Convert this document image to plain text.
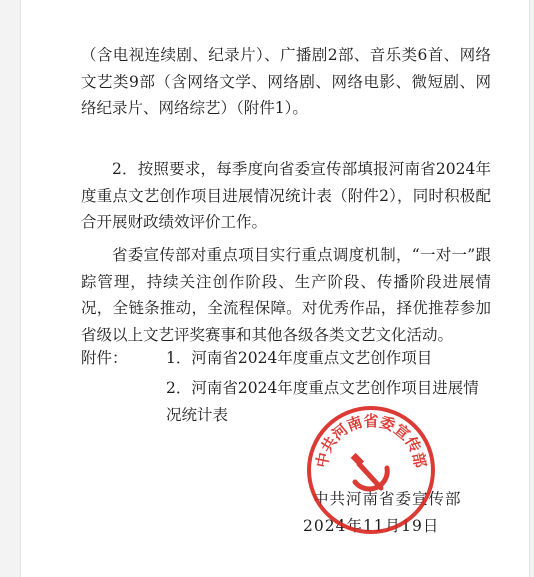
（含电视连续剧、纪录片）、广播剧2部、音乐类6首、网络文艺类9部（含网络文学、网络剧、网络电影、微短剧、网络纪录片、网络综艺）（附件1）。

2．按照要求，每季度向省委宣传部填报河南省2024年度重点文艺创作项目进展情况统计表（附件2），同时积极配合开展财政绩效评价工作。

省委宣传部对重点项目实行重点调度机制，“一对一”跟踪管理，持续关注创作阶段、生产阶段、传播阶段进展情况，全链条推动，全流程保障。对优秀作品，择优推荐参加省级以上文艺评奖赛事和其他各级各类文艺文化活动。

附件： 1．河南省2024年度重点文艺创作项目

2．河南省2024年度重点文艺创作项目进展情况统计表

中共河南省委宣传部
2024年11月19日
中共河南省委宣传部
